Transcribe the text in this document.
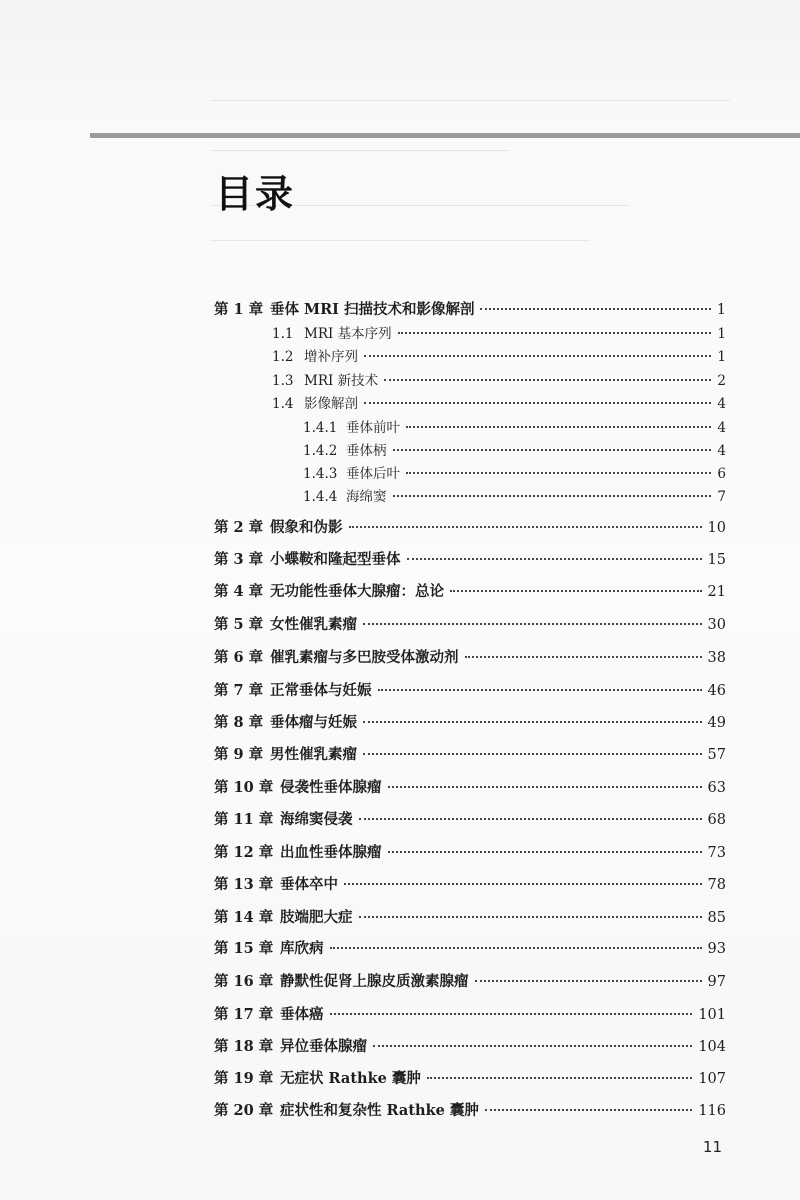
目录
第 1 章 垂体 MRI 扫描技术和影像解剖	1
1.1 MRI 基本序列	1
1.2 增补序列	1
1.3 MRI 新技术	2
1.4 影像解剖	4
1.4.1 垂体前叶	4
1.4.2 垂体柄	4
1.4.3 垂体后叶	6
1.4.4 海绵窦	7
第 2 章 假象和伪影	10
第 3 章 小蝶鞍和隆起型垂体	15
第 4 章 无功能性垂体大腺瘤：总论	21
第 5 章 女性催乳素瘤	30
第 6 章 催乳素瘤与多巴胺受体激动剂	38
第 7 章 正常垂体与妊娠	46
第 8 章 垂体瘤与妊娠	49
第 9 章 男性催乳素瘤	57
第 10 章 侵袭性垂体腺瘤	63
第 11 章 海绵窦侵袭	68
第 12 章 出血性垂体腺瘤	73
第 13 章 垂体卒中	78
第 14 章 肢端肥大症	85
第 15 章 库欣病	93
第 16 章 静默性促肾上腺皮质激素腺瘤	97
第 17 章 垂体癌	101
第 18 章 异位垂体腺瘤	104
第 19 章 无症状 Rathke 囊肿	107
第 20 章 症状性和复杂性 Rathke 囊肿	116
11
